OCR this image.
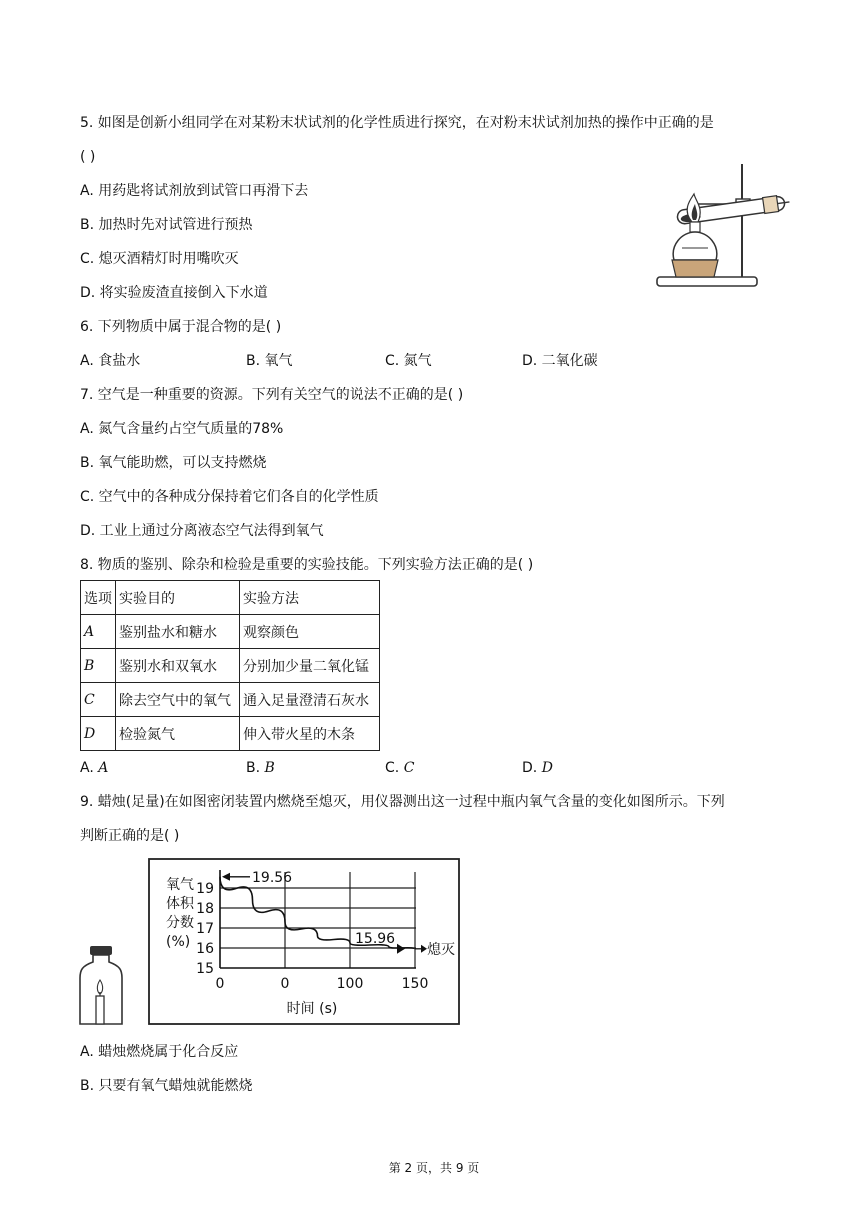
5. 如图是创新小组同学在对某粉末状试剂的化学性质进行探究，在对粉末状试剂加热的操作中正确的是
( )
A. 用药匙将试剂放到试管口再滑下去
B. 加热时先对试管进行预热
C. 熄灭酒精灯时用嘴吹灭
D. 将实验废渣直接倒入下水道
6. 下列物质中属于混合物的是( )
A. 食盐水	B. 氧气	C. 氮气	D. 二氧化碳
7. 空气是一种重要的资源。下列有关空气的说法不正确的是( )
A. 氮气含量约占空气质量的78%
B. 氧气能助燃，可以支持燃烧
C. 空气中的各种成分保持着它们各自的化学性质
D. 工业上通过分离液态空气法得到氧气
8. 物质的鉴别、除杂和检验是重要的实验技能。下列实验方法正确的是( )
选项	实验目的	实验方法
A	鉴别盐水和糖水	观察颜色
B	鉴别水和双氧水	分别加少量二氧化锰
C	除去空气中的氧气	通入足量澄清石灰水
D	检验氮气	伸入带火星的木条
A. A	B. B	C. C	D. D
9. 蜡烛(足量)在如图密闭装置内燃烧至熄灭，用仪器测出这一过程中瓶内氧气含量的变化如图所示。下列
判断正确的是( )
氧气
体积
分数
(%)
15
16
17
18
19
0	0	100	150
时间 (s)
19.56
15.96
熄灭
A. 蜡烛燃烧属于化合反应
B. 只要有氧气蜡烛就能燃烧
第 2 页，共 9 页
